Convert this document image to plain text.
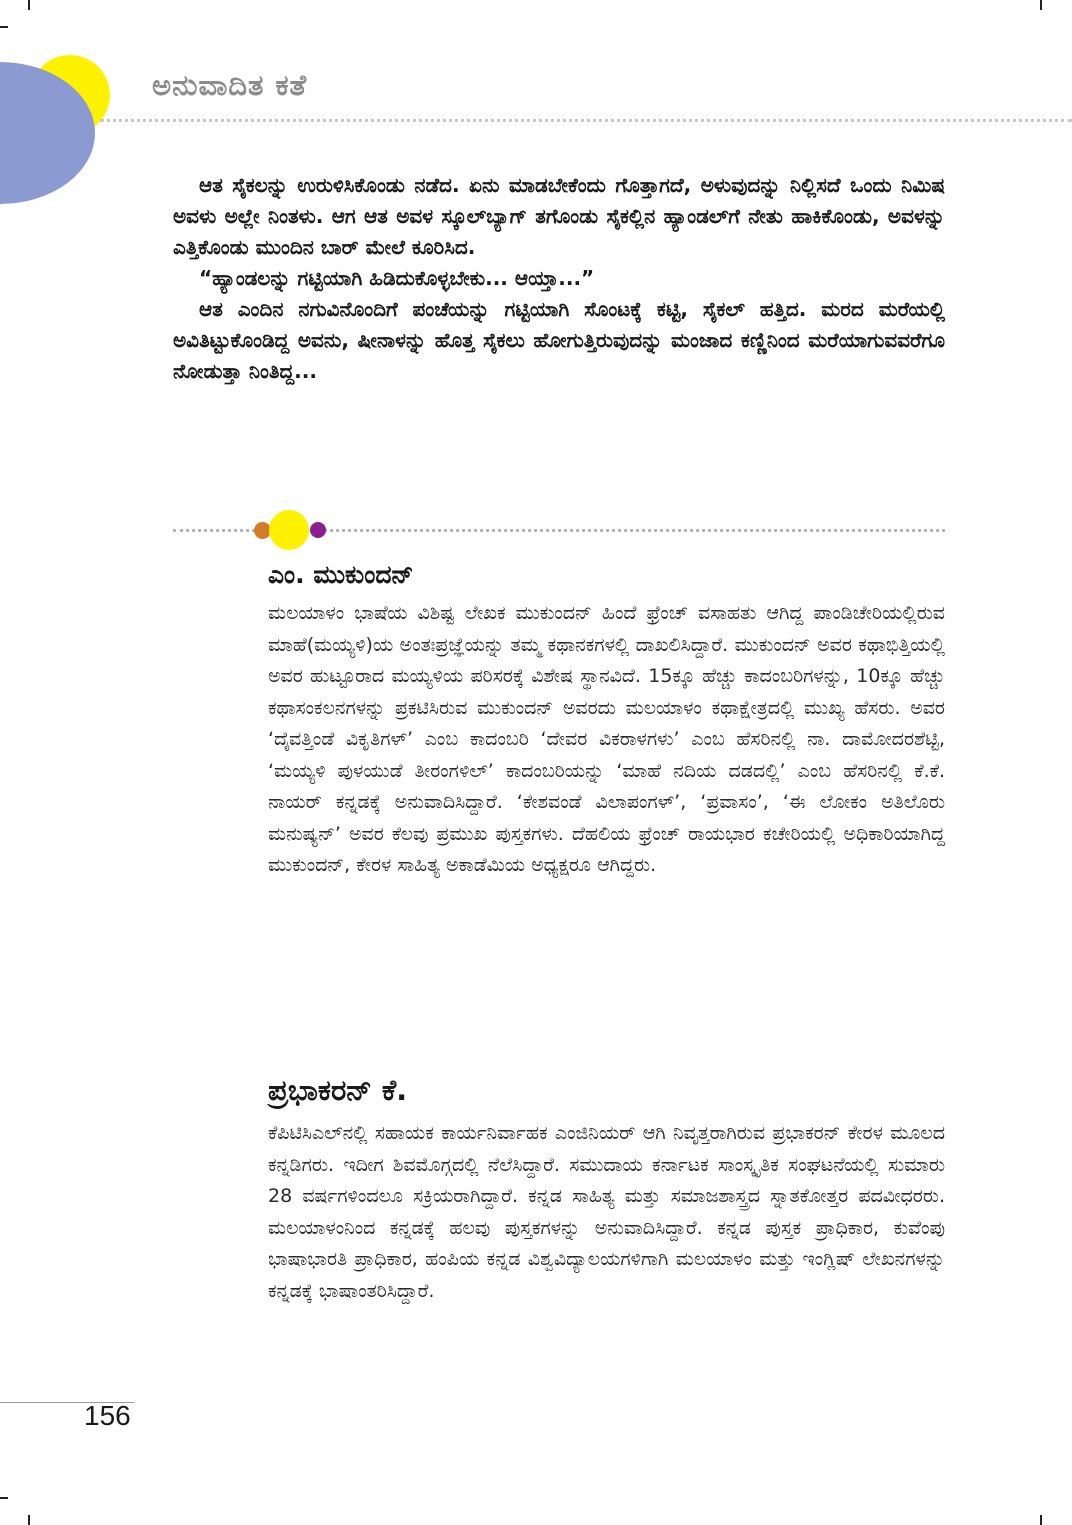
ಅನುವಾದಿತ ಕತೆ

ಆತ ಸೈಕಲನ್ನು ಉರುಳಿಸಿಕೊಂಡು ನಡೆದ. ಏನು ಮಾಡಬೇಕೆಂದು ಗೊತ್ತಾಗದೆ, ಅಳುವುದನ್ನು ನಿಲ್ಲಿಸದೆ ಒಂದು ನಿಮಿಷ ಅವಳು ಅಲ್ಲೇ ನಿಂತಳು. ಆಗ ಆತ ಅವಳ ಸ್ಕೂಲ್‌ಬ್ಯಾಗ್ ತಗೊಂಡು ಸೈಕಲ್ಲಿನ ಹ್ಯಾಂಡಲ್‌ಗೆ ನೇತು ಹಾಕಿಕೊಂಡು, ಅವಳನ್ನು ಎತ್ತಿಕೊಂಡು ಮುಂದಿನ ಬಾರ್ ಮೇಲೆ ಕೂರಿಸಿದ.

“ಹ್ಯಾಂಡಲನ್ನು ಗಟ್ಟಿಯಾಗಿ ಹಿಡಿದುಕೊಳ್ಳಬೇಕು... ಆಯ್ತಾ...”

ಆತ ಎಂದಿನ ನಗುವಿನೊಂದಿಗೆ ಪಂಚೆಯನ್ನು ಗಟ್ಟಿಯಾಗಿ ಸೊಂಟಕ್ಕೆ ಕಟ್ಟಿ, ಸೈಕಲ್ ಹತ್ತಿದ. ಮರದ ಮರೆಯಲ್ಲಿ ಅವಿತಿಟ್ಟುಕೊಂಡಿದ್ದ ಅವನು, ಷೀನಾಳನ್ನು ಹೊತ್ತ ಸೈಕಲು ಹೋಗುತ್ತಿರುವುದನ್ನು ಮಂಜಾದ ಕಣ್ಣಿನಿಂದ ಮರೆಯಾಗುವವರೆಗೂ ನೋಡುತ್ತಾ ನಿಂತಿದ್ದ...

ಎಂ. ಮುಕುಂದನ್

ಮಲಯಾಳಂ ಭಾಷೆಯ ವಿಶಿಷ್ಟ ಲೇಖಕ ಮುಕುಂದನ್ ಹಿಂದೆ ಫ್ರೆಂಚ್ ವಸಾಹತು ಆಗಿದ್ದ ಪಾಂಡಿಚೇರಿಯಲ್ಲಿರುವ ಮಾಹೆ(ಮಯ್ಯಳಿ)ಯ ಅಂತಃಪ್ರಜ್ಞೆಯನ್ನು ತಮ್ಮ ಕಥಾನಕಗಳಲ್ಲಿ ದಾಖಲಿಸಿದ್ದಾರೆ. ಮುಕುಂದನ್ ಅವರ ಕಥಾಭಿತ್ತಿಯಲ್ಲಿ ಅವರ ಹುಟ್ಟೂರಾದ ಮಯ್ಯಳಿಯ ಪರಿಸರಕ್ಕೆ ವಿಶೇಷ ಸ್ಥಾನವಿದೆ. 15ಕ್ಕೂ ಹೆಚ್ಚು ಕಾದಂಬರಿಗಳನ್ನು, 10ಕ್ಕೂ ಹೆಚ್ಚು ಕಥಾಸಂಕಲನಗಳನ್ನು ಪ್ರಕಟಿಸಿರುವ ಮುಕುಂದನ್ ಅವರದು ಮಲಯಾಳಂ ಕಥಾಕ್ಷೇತ್ರದಲ್ಲಿ ಮುಖ್ಯ ಹೆಸರು. ಅವರ ‘ದೈವತ್ತಿಂಡೆ ವಿಕೃತಿಗಳ್’ ಎಂಬ ಕಾದಂಬರಿ ‘ದೇವರ ವಿಕರಾಳಗಳು’ ಎಂಬ ಹೆಸರಿನಲ್ಲಿ ನಾ. ದಾಮೋದರಶೆಟ್ಟಿ, ‘ಮಯ್ಯಳಿ ಪುಳಯುಡೆ ತೀರಂಗಳಿಲ್’ ಕಾದಂಬರಿಯನ್ನು ‘ಮಾಹೆ ನದಿಯ ದಡದಲ್ಲಿ’ ಎಂಬ ಹೆಸರಿನಲ್ಲಿ ಕೆ.ಕೆ. ನಾಯರ್ ಕನ್ನಡಕ್ಕೆ ಅನುವಾದಿಸಿದ್ದಾರೆ. ‘ಕೇಶವಂಡೆ ವಿಲಾಪಂಗಳ್’, ‘ಪ್ರವಾಸಂ’, ‘ಈ ಲೋಕಂ ಅತಿಲೊರು ಮನುಷ್ಯನ್’ ಅವರ ಕೆಲವು ಪ್ರಮುಖ ಪುಸ್ತಕಗಳು. ದೆಹಲಿಯ ಫ್ರೆಂಚ್ ರಾಯಭಾರ ಕಚೇರಿಯಲ್ಲಿ ಅಧಿಕಾರಿಯಾಗಿದ್ದ ಮುಕುಂದನ್, ಕೇರಳ ಸಾಹಿತ್ಯ ಅಕಾಡೆಮಿಯ ಅಧ್ಯಕ್ಷರೂ ಆಗಿದ್ದರು.

ಪ್ರಭಾಕರನ್ ಕೆ.

ಕೆಪಿಟಿಸಿಎಲ್‌ನಲ್ಲಿ ಸಹಾಯಕ ಕಾರ್ಯನಿರ್ವಾಹಕ ಎಂಜಿನಿಯರ್ ಆಗಿ ನಿವೃತ್ತರಾಗಿರುವ ಪ್ರಭಾಕರನ್ ಕೇರಳ ಮೂಲದ ಕನ್ನಡಿಗರು. ಇದೀಗ ಶಿವಮೊಗ್ಗದಲ್ಲಿ ನೆಲೆಸಿದ್ದಾರೆ. ಸಮುದಾಯ ಕರ್ನಾಟಕ ಸಾಂಸ್ಕೃತಿಕ ಸಂಘಟನೆಯಲ್ಲಿ ಸುಮಾರು 28 ವರ್ಷಗಳಿಂದಲೂ ಸಕ್ರಿಯರಾಗಿದ್ದಾರೆ. ಕನ್ನಡ ಸಾಹಿತ್ಯ ಮತ್ತು ಸಮಾಜಶಾಸ್ತ್ರದ ಸ್ನಾತಕೋತ್ತರ ಪದವೀಧರರು. ಮಲಯಾಳಂನಿಂದ ಕನ್ನಡಕ್ಕೆ ಹಲವು ಪುಸ್ತಕಗಳನ್ನು ಅನುವಾದಿಸಿದ್ದಾರೆ. ಕನ್ನಡ ಪುಸ್ತಕ ಪ್ರಾಧಿಕಾರ, ಕುವೆಂಪು ಭಾಷಾಭಾರತಿ ಪ್ರಾಧಿಕಾರ, ಹಂಪಿಯ ಕನ್ನಡ ವಿಶ್ವವಿದ್ಯಾಲಯಗಳಿಗಾಗಿ ಮಲಯಾಳಂ ಮತ್ತು ಇಂಗ್ಲಿಷ್ ಲೇಖನಗಳನ್ನು ಕನ್ನಡಕ್ಕೆ ಭಾಷಾಂತರಿಸಿದ್ದಾರೆ.

156
